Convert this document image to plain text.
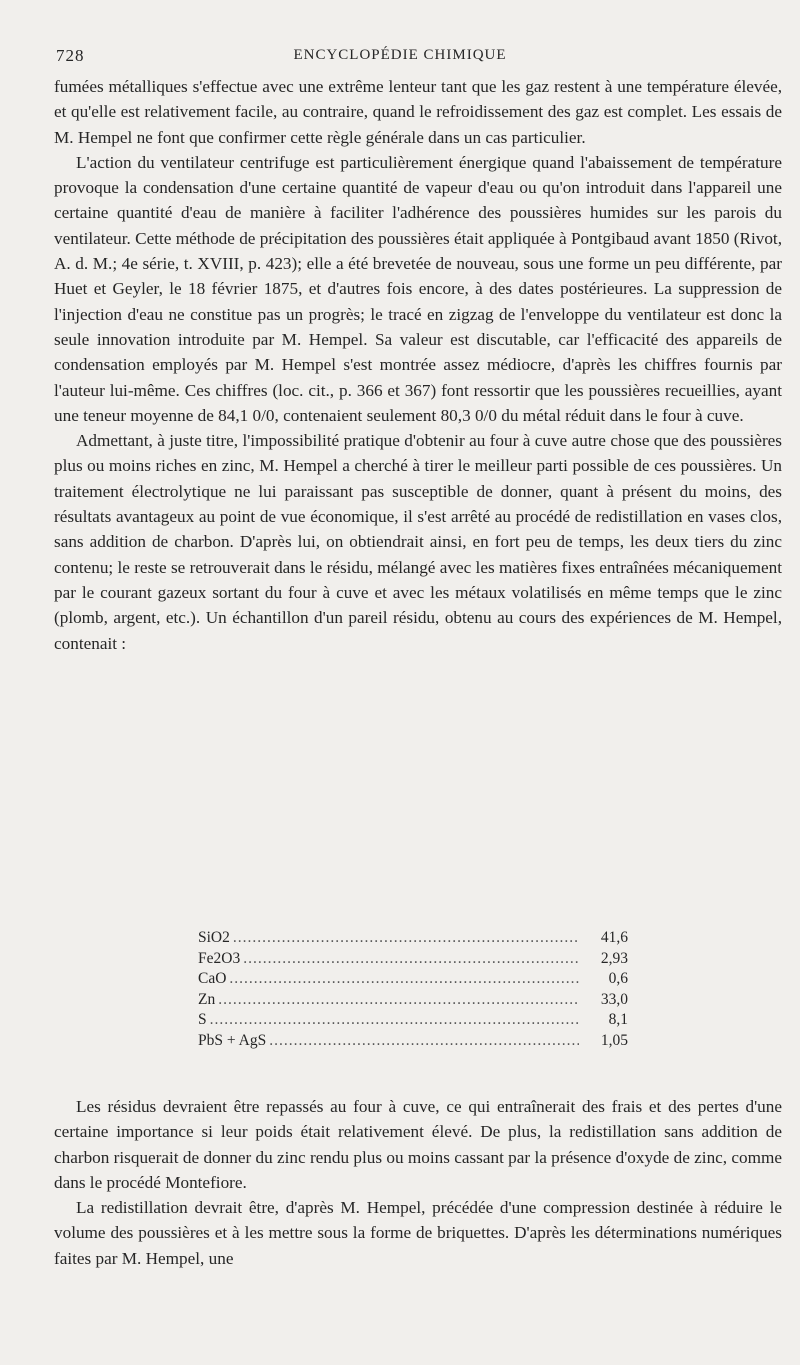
728	ENCYCLOPÉDIE CHIMIQUE

fumées métalliques s'effectue avec une extrême lenteur tant que les gaz restent à une température élevée, et qu'elle est relativement facile, au contraire, quand le refroidissement des gaz est complet. Les essais de M. Hempel ne font que confirmer cette règle générale dans un cas particulier.

L'action du ventilateur centrifuge est particulièrement énergique quand l'abaissement de température provoque la condensation d'une certaine quantité de vapeur d'eau ou qu'on introduit dans l'appareil une certaine quantité d'eau de manière à faciliter l'adhérence des poussières humides sur les parois du ventilateur. Cette méthode de précipitation des poussières était appliquée à Pontgibaud avant 1850 (Rivot, A. d. M.; 4e série, t. XVIII, p. 423); elle a été brevetée de nouveau, sous une forme un peu différente, par Huet et Geyler, le 18 février 1875, et d'autres fois encore, à des dates postérieures. La suppression de l'injection d'eau ne constitue pas un progrès; le tracé en zigzag de l'enveloppe du ventilateur est donc la seule innovation introduite par M. Hempel. Sa valeur est discutable, car l'efficacité des appareils de condensation employés par M. Hempel s'est montrée assez médiocre, d'après les chiffres fournis par l'auteur lui-même. Ces chiffres (loc. cit., p. 366 et 367) font ressortir que les poussières recueillies, ayant une teneur moyenne de 84,1 0/0, contenaient seulement 80,3 0/0 du métal réduit dans le four à cuve.

Admettant, à juste titre, l'impossibilité pratique d'obtenir au four à cuve autre chose que des poussières plus ou moins riches en zinc, M. Hempel a cherché à tirer le meilleur parti possible de ces poussières. Un traitement électrolytique ne lui paraissant pas susceptible de donner, quant à présent du moins, des résultats avantageux au point de vue économique, il s'est arrêté au procédé de redistillation en vases clos, sans addition de charbon. D'après lui, on obtiendrait ainsi, en fort peu de temps, les deux tiers du zinc contenu; le reste se retrouverait dans le résidu, mélangé avec les matières fixes entraînées mécaniquement par le courant gazeux sortant du four à cuve et avec les métaux volatilisés en même temps que le zinc (plomb, argent, etc.). Un échantillon d'un pareil résidu, obtenu au cours des expériences de M. Hempel, contenait :

SiO2 .....	41,6
Fe2O3 .....	2,93
CaO .....	0,6
Zn .....	33,0
S .....	8,1
PbS + AgS .....	1,05

Les résidus devraient être repassés au four à cuve, ce qui entraînerait des frais et des pertes d'une certaine importance si leur poids était relativement élevé. De plus, la redistillation sans addition de charbon risquerait de donner du zinc rendu plus ou moins cassant par la présence d'oxyde de zinc, comme dans le procédé Montefiore.

La redistillation devrait être, d'après M. Hempel, précédée d'une compression destinée à réduire le volume des poussières et à les mettre sous la forme de briquettes. D'après les déterminations numériques faites par M. Hempel, une
